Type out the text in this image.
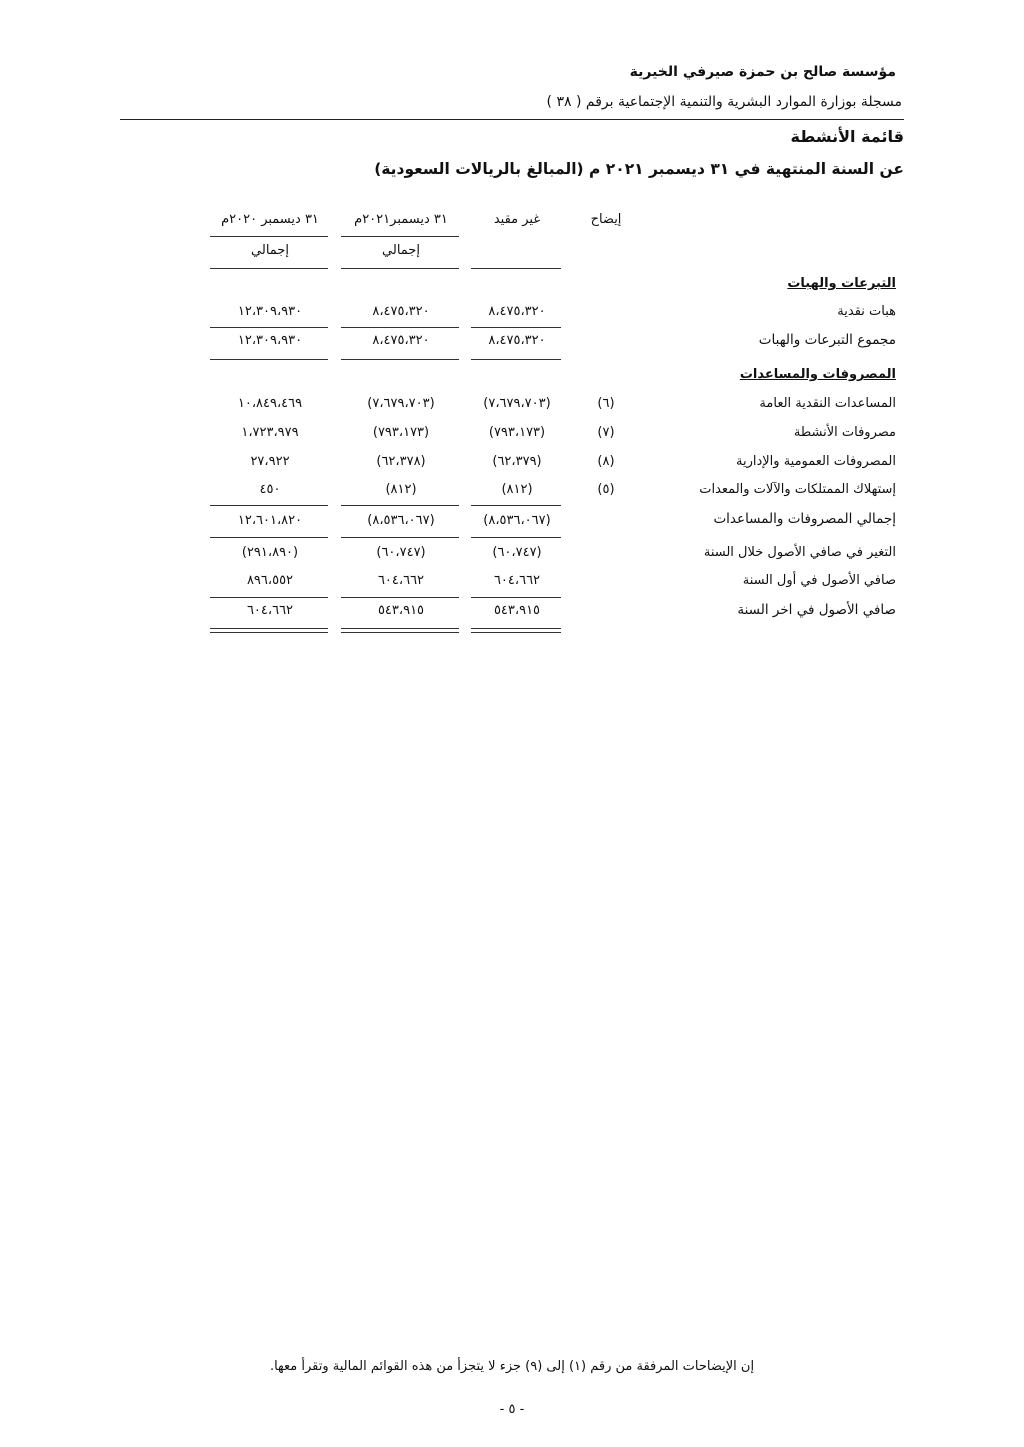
مؤسسة صالح بن حمزة صيرفي الخيرية
مسجلة بوزارة الموارد البشرية والتنمية الإجتماعية برقم ( ٣٨ )
قائمة الأنشطة
عن السنة المنتهية في ٣١ ديسمبر ٢٠٢١ م (المبالغ بالريالات السعودية)
إيضاح
غير مقيد
٣١ ديسمبر٢٠٢١م
٣١ ديسمبر ٢٠٢٠م
إجمالي
إجمالي
التبرعات والهبات
هبات نقدية
٨،٤٧٥،٣٢٠
٨،٤٧٥،٣٢٠
١٢،٣٠٩،٩٣٠
مجموع التبرعات والهبات
٨،٤٧٥،٣٢٠
٨،٤٧٥،٣٢٠
١٢،٣٠٩،٩٣٠
المصروفات والمساعدات
المساعدات النقدية العامة
(٦)
(٧،٦٧٩،٧٠٣)
(٧،٦٧٩،٧٠٣)
١٠،٨٤٩،٤٦٩
مصروفات الأنشطة
(٧)
(٧٩٣،١٧٣)
(٧٩٣،١٧٣)
١،٧٢٣،٩٧٩
المصروفات العمومية والإدارية
(٨)
(٦٢،٣٧٩)
(٦٢،٣٧٨)
٢٧،٩٢٢
إستهلاك الممتلكات والآلات والمعدات
(٥)
(٨١٢)
(٨١٢)
٤٥٠
إجمالي المصروفات والمساعدات
(٨،٥٣٦،٠٦٧)
(٨،٥٣٦،٠٦٧)
١٢،٦٠١،٨٢٠
التغير في صافي الأصول خلال السنة
(٦٠،٧٤٧)
(٦٠،٧٤٧)
(٢٩١،٨٩٠)
صافي الأصول في أول السنة
٦٠٤،٦٦٢
٦٠٤،٦٦٢
٨٩٦،٥٥٢
صافي الأصول في اخر السنة
٥٤٣،٩١٥
٥٤٣،٩١٥
٦٠٤،٦٦٢
إن الإيضاحات المرفقة من رقم (١) إلى (٩) جزء لا يتجزأ من هذه القوائم المالية وتقرأ معها.
- ٥ -
